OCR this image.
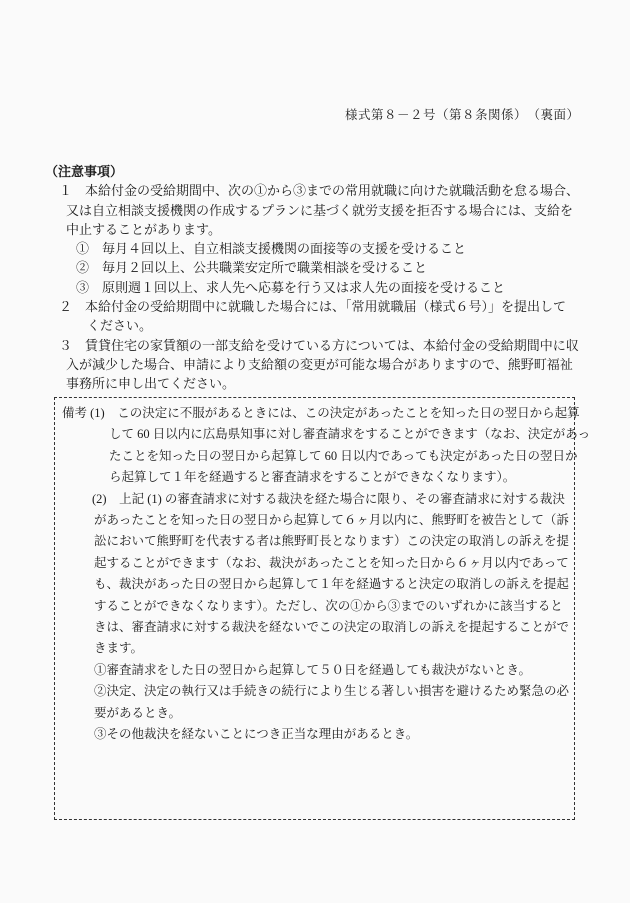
様式第８－２号（第８条関係）　（裏面）
（注意事項）
１　本給付金の受給期間中、次の①から③までの常用就職に向けた就職活動を怠る場合、
又は自立相談支援機関の作成するプランに基づく就労支援を拒否する場合には、支給を
中止することがあります。
①　毎月４回以上、自立相談支援機関の面接等の支援を受けること
②　毎月２回以上、公共職業安定所で職業相談を受けること
③　原則週１回以上、求人先へ応募を行う又は求人先の面接を受けること
２　本給付金の受給期間中に就職した場合には、「常用就職届（様式６号）」を提出して
ください。
３　賃貸住宅の家賃額の一部支給を受けている方については、本給付金の受給期間中に収
入が減少した場合、申請により支給額の変更が可能な場合がありますので、熊野町福祉
事務所に申し出てください。
備考 (1)　この決定に不服があるときには、この決定があったことを知った日の翌日から起算
して 60 日以内に広島県知事に対し審査請求をすることができます（なお、決定があっ
たことを知った日の翌日から起算して 60 日以内であっても決定があった日の翌日か
ら起算して１年を経過すると審査請求をすることができなくなります）。
(2)　上記 (1) の審査請求に対する裁決を経た場合に限り、その審査請求に対する裁決
があったことを知った日の翌日から起算して６ヶ月以内に、熊野町を被告として（訴
訟において熊野町を代表する者は熊野町長となります）この決定の取消しの訴えを提
起することができます（なお、裁決があったことを知った日から６ヶ月以内であって
も、裁決があった日の翌日から起算して１年を経過すると決定の取消しの訴えを提起
することができなくなります）。ただし、次の①から③までのいずれかに該当すると
きは、審査請求に対する裁決を経ないでこの決定の取消しの訴えを提起することがで
きます。
①審査請求をした日の翌日から起算して５０日を経過しても裁決がないとき。
②決定、決定の執行又は手続きの続行により生じる著しい損害を避けるため緊急の必
要があるとき。
③その他裁決を経ないことにつき正当な理由があるとき。
